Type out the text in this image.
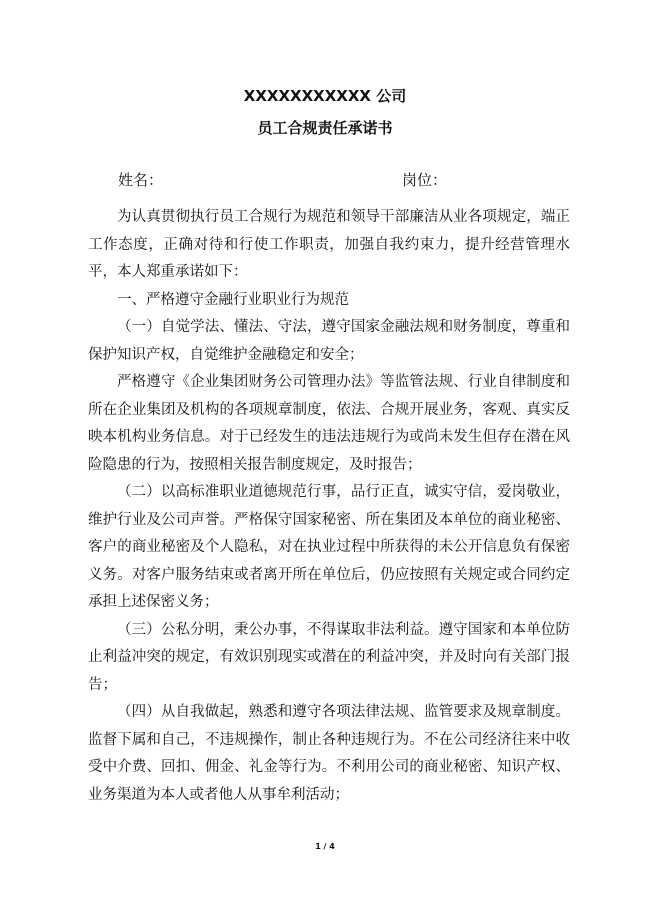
XXXXXXXXXXX 公司
员工合规责任承诺书
姓名：	岗位：

为认真贯彻执行员工合规行为规范和领导干部廉洁从业各项规定，端正工作态度，正确对待和行使工作职责，加强自我约束力，提升经营管理水平，本人郑重承诺如下：

一、严格遵守金融行业职业行为规范

（一）自觉学法、懂法、守法，遵守国家金融法规和财务制度，尊重和保护知识产权，自觉维护金融稳定和安全；

严格遵守《企业集团财务公司管理办法》等监管法规、行业自律制度和所在企业集团及机构的各项规章制度，依法、合规开展业务，客观、真实反映本机构业务信息。对于已经发生的违法违规行为或尚未发生但存在潜在风险隐患的行为，按照相关报告制度规定，及时报告；

（二）以高标准职业道德规范行事，品行正直，诚实守信，爱岗敬业，维护行业及公司声誉。严格保守国家秘密、所在集团及本单位的商业秘密、客户的商业秘密及个人隐私，对在执业过程中所获得的未公开信息负有保密义务。对客户服务结束或者离开所在单位后，仍应按照有关规定或合同约定承担上述保密义务；

（三）公私分明，秉公办事，不得谋取非法利益。遵守国家和本单位防止利益冲突的规定，有效识别现实或潜在的利益冲突，并及时向有关部门报告；

（四）从自我做起，熟悉和遵守各项法律法规、监管要求及规章制度。监督下属和自己，不违规操作，制止各种违规行为。不在公司经济往来中收受中介费、回扣、佣金、礼金等行为。不利用公司的商业秘密、知识产权、业务渠道为本人或者他人从事牟利活动；

1 / 4
